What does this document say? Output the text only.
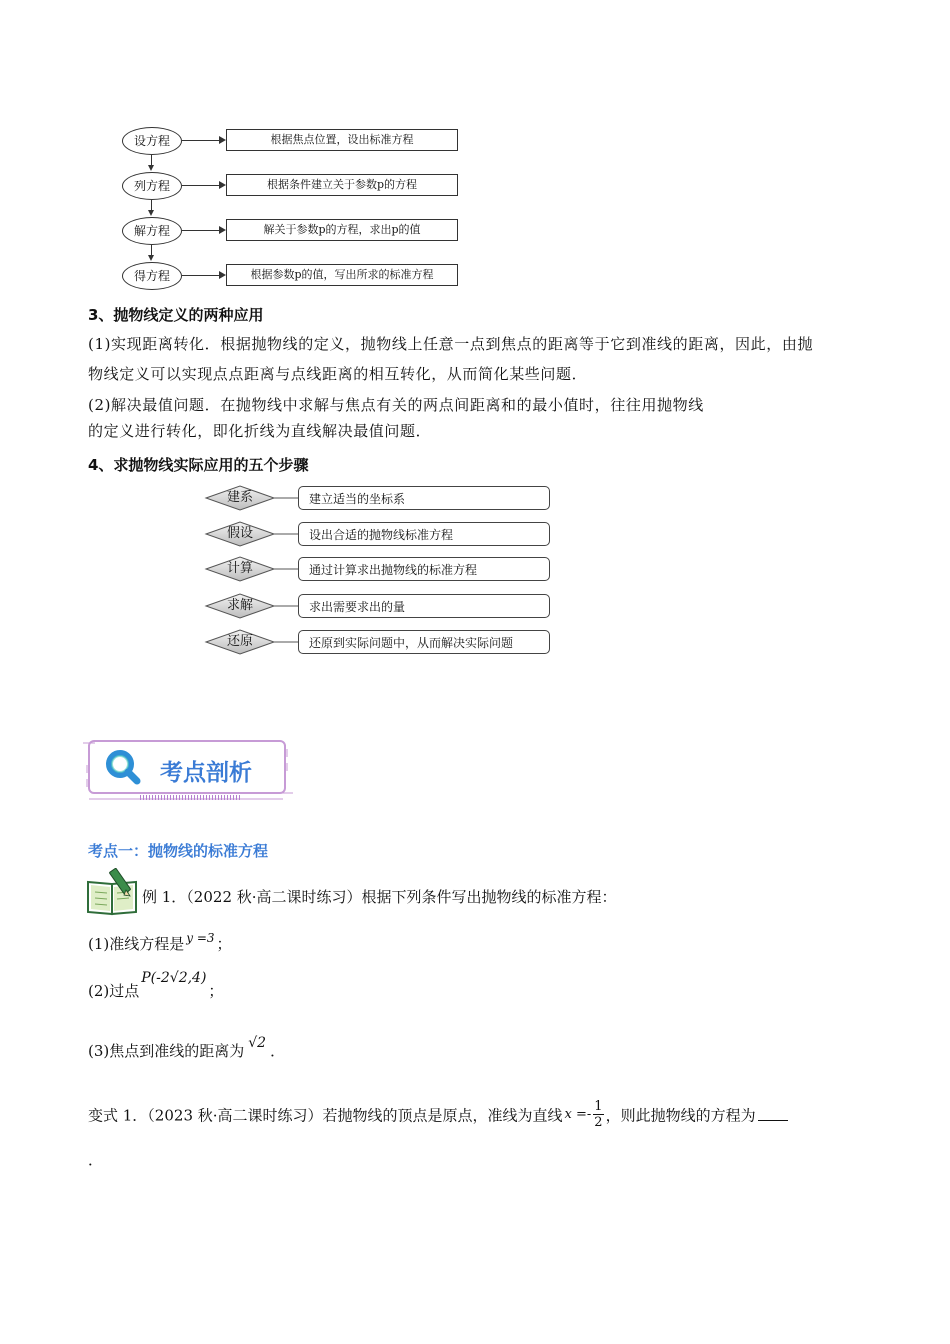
设方程
列方程
解方程
得方程
根据焦点位置，设出标准方程
根据条件建立关于参数p的方程
解关于参数p的方程，求出p的值
根据参数p的值，写出所求的标准方程
3、抛物线定义的两种应用
(1)实现距离转化．根据抛物线的定义，抛物线上任意一点到焦点的距离等于它到准线的距离，因此，由抛
物线定义可以实现点点距离与点线距离的相互转化，从而简化某些问题．
(2)解决最值问题．在抛物线中求解与焦点有关的两点间距离和的最小值时，往往用抛物线
的定义进行转化，即化折线为直线解决最值问题．
4、求抛物线实际应用的五个步骤
建系
假设
计算
求解
还原
建立适当的坐标系
设出合适的抛物线标准方程
通过计算求出抛物线的标准方程
求出需要求出的量
还原到实际问题中，从而解决实际问题
考点剖析
考点一：抛物线的标准方程
例 1．（2022 秋·高二课时练习）根据下列条件写出抛物线的标准方程：
(1)准线方程是 $^{y =3}$ ；
(2)过点P(-2√2,4)；
(3)焦点到准线的距离为 √2 ．
变式 1．（2023 秋·高二课时练习）若抛物线的顶点是原点，准线为直线 $x =- \frac{1}{2}$ ，则此抛物线的方程为
．
